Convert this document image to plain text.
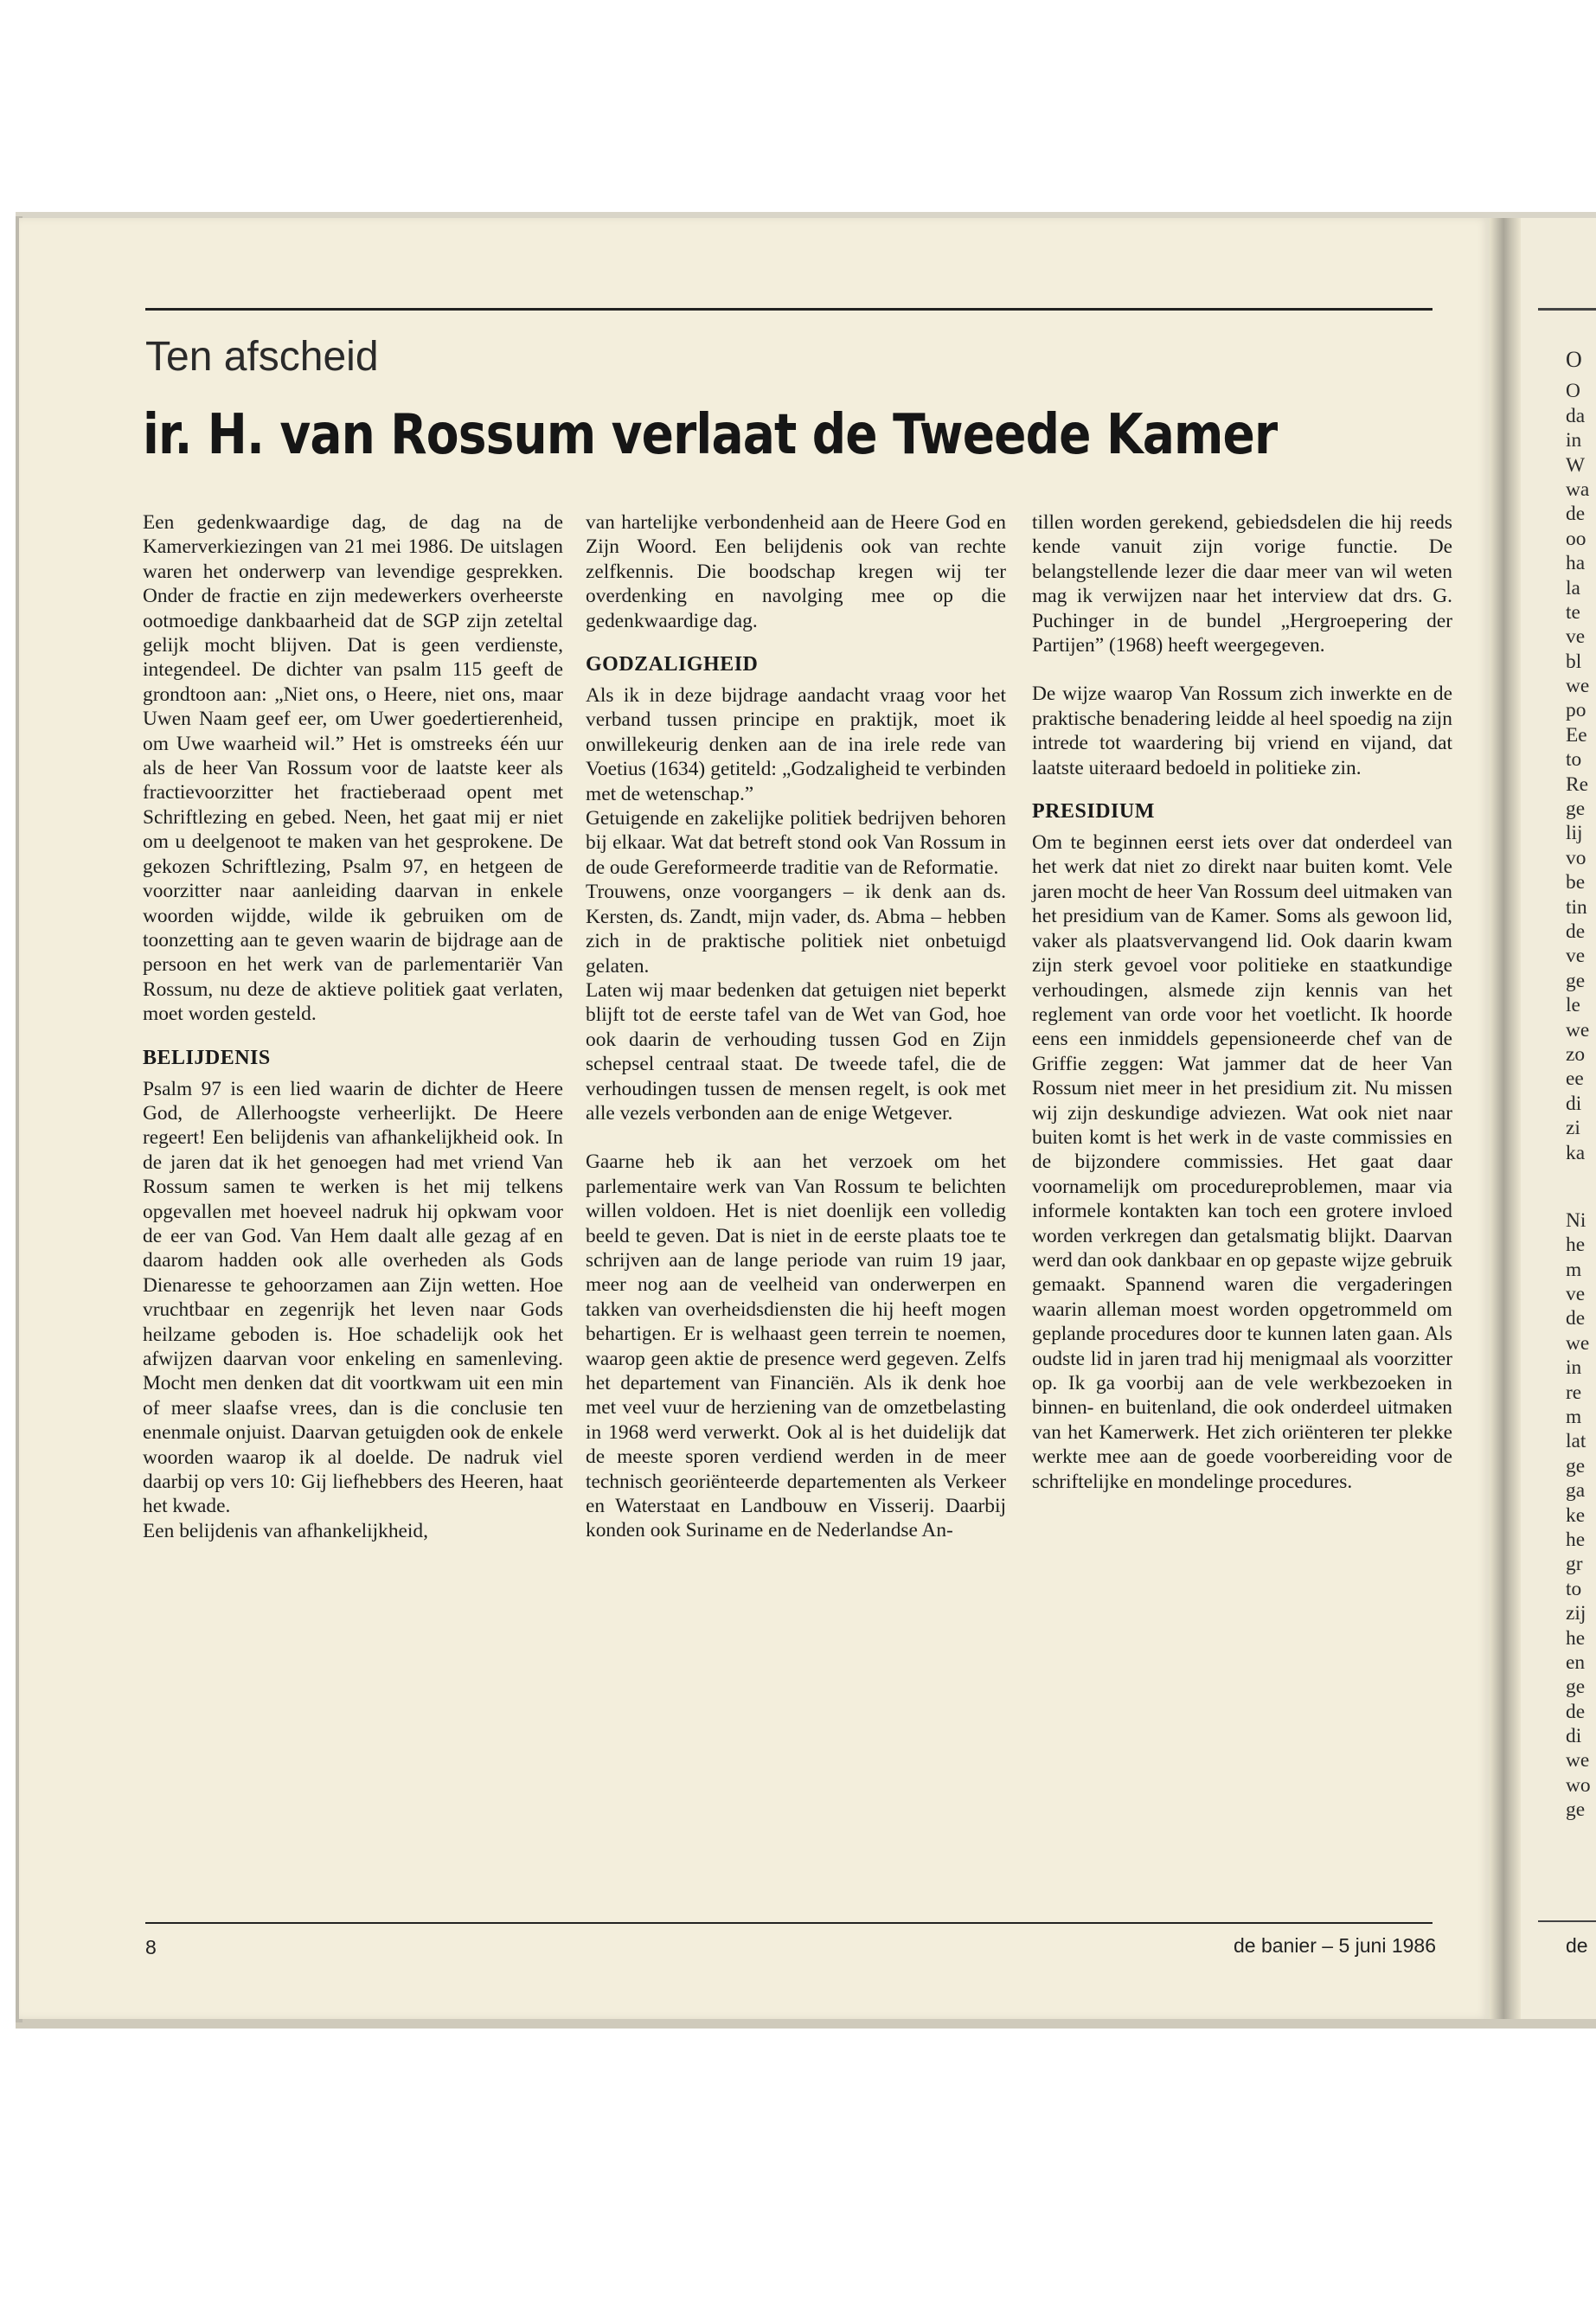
O
O
da
in
W
wa
de
oo
ha
la
te
ve
bl
we
po
Ee
to
Re
ge
lij
vo
be
tin
de
ve
ge
le
we
zo
ee
di
zi
ka
Ni
he
m
ve
de
we
in
re
m
lat
ge
ga
ke
he
gr
to
zij
he
en
ge
de
di
we
wo
ge
de
Ten afscheid
ir. H. van Rossum verlaat de Tweede Kamer

Een gedenkwaardige dag, de dag na de Kamerverkiezingen van 21 mei 1986. De uitslagen waren het onderwerp van levendige gesprekken. Onder de fractie en zijn medewerkers overheerste ootmoedige dankbaarheid dat de SGP zijn zeteltal gelijk mocht blijven. Dat is geen verdienste, integendeel. De dichter van psalm 115 geeft de grondtoon aan: „Niet ons, o Heere, niet ons, maar Uwen Naam geef eer, om Uwer goedertierenheid, om Uwe waarheid wil.” Het is omstreeks één uur als de heer Van Rossum voor de laatste keer als fractievoorzitter het fractieberaad opent met Schriftlezing en gebed. Neen, het gaat mij er niet om u deelgenoot te maken van het gesprokene. De gekozen Schriftlezing, Psalm 97, en hetgeen de voorzitter naar aanleiding daarvan in enkele woorden wijdde, wilde ik gebruiken om de toonzetting aan te geven waarin de bijdrage aan de persoon en het werk van de parlementariër Van Rossum, nu deze de aktieve politiek gaat verlaten, moet worden gesteld.

BELIJDENIS

Psalm 97 is een lied waarin de dichter de Heere God, de Allerhoogste verheerlijkt. De Heere regeert! Een belijdenis van afhankelijkheid ook. In de jaren dat ik het genoegen had met vriend Van Rossum samen te werken is het mij telkens opgevallen met hoeveel nadruk hij opkwam voor de eer van God. Van Hem daalt alle gezag af en daarom hadden ook alle overheden als Gods Dienaresse te gehoorzamen aan Zijn wetten. Hoe vruchtbaar en zegenrijk het leven naar Gods heilzame geboden is. Hoe schadelijk ook het afwijzen daarvan voor enkeling en samenleving. Mocht men denken dat dit voortkwam uit een min of meer slaafse vrees, dan is die conclusie ten enenmale onjuist. Daarvan getuigden ook de enkele woorden waarop ik al doelde. De nadruk viel daarbij op vers 10: Gij liefhebbers des Heeren, haat het kwade.

Een belijdenis van afhankelijkheid,

van hartelijke verbondenheid aan de Heere God en Zijn Woord. Een belijdenis ook van rechte zelfkennis. Die boodschap kregen wij ter overdenking en navolging mee op die gedenkwaardige dag.

GODZALIGHEID

Als ik in deze bijdrage aandacht vraag voor het verband tussen principe en praktijk, moet ik onwillekeurig denken aan de ina irele rede van Voetius (1634) getiteld: „Godzaligheid te verbinden met de wetenschap.”

Getuigende en zakelijke politiek bedrijven behoren bij elkaar. Wat dat betreft stond ook Van Rossum in de oude Gereformeerde traditie van de Reformatie.

Trouwens, onze voorgangers – ik denk aan ds. Kersten, ds. Zandt, mijn vader, ds. Abma – hebben zich in de praktische politiek niet onbetuigd gelaten.

Laten wij maar bedenken dat getuigen niet beperkt blijft tot de eerste tafel van de Wet van God, hoe ook daarin de verhouding tussen God en Zijn schepsel centraal staat. De tweede tafel, die de verhoudingen tussen de mensen regelt, is ook met alle vezels verbonden aan de enige Wetgever.

Gaarne heb ik aan het verzoek om het parlementaire werk van Van Rossum te belichten willen voldoen. Het is niet doenlijk een volledig beeld te geven. Dat is niet in de eerste plaats toe te schrijven aan de lange periode van ruim 19 jaar, meer nog aan de veelheid van onderwerpen en takken van overheidsdiensten die hij heeft mogen behartigen. Er is welhaast geen terrein te noemen, waarop geen aktie de presence werd gegeven. Zelfs het departement van Financiën. Als ik denk hoe met veel vuur de herziening van de omzetbelasting in 1968 werd verwerkt. Ook al is het duidelijk dat de meeste sporen verdiend werden in de meer technisch georiënteerde departementen als Verkeer en Waterstaat en Landbouw en Visserij. Daarbij konden ook Suriname en de Nederlandse An-

tillen worden gerekend, gebiedsdelen die hij reeds kende vanuit zijn vorige functie. De belangstellende lezer die daar meer van wil weten mag ik verwijzen naar het interview dat drs. G. Puchinger in de bundel „Hergroepering der Partijen” (1968) heeft weergegeven.

De wijze waarop Van Rossum zich inwerkte en de praktische benadering leidde al heel spoedig na zijn intrede tot waardering bij vriend en vijand, dat laatste uiteraard bedoeld in politieke zin.

PRESIDIUM

Om te beginnen eerst iets over dat onderdeel van het werk dat niet zo direkt naar buiten komt. Vele jaren mocht de heer Van Rossum deel uitmaken van het presidium van de Kamer. Soms als gewoon lid, vaker als plaatsvervangend lid. Ook daarin kwam zijn sterk gevoel voor politieke en staatkundige verhoudingen, alsmede zijn kennis van het reglement van orde voor het voetlicht. Ik hoorde eens een inmiddels gepensioneerde chef van de Griffie zeggen: Wat jammer dat de heer Van Rossum niet meer in het presidium zit. Nu missen wij zijn deskundige adviezen. Wat ook niet naar buiten komt is het werk in de vaste commissies en de bijzondere commissies. Het gaat daar voornamelijk om procedureproblemen, maar via informele kontakten kan toch een grotere invloed worden verkregen dan getalsmatig blijkt. Daarvan werd dan ook dankbaar en op gepaste wijze gebruik gemaakt. Spannend waren die vergaderingen waarin alleman moest worden opgetrommeld om geplande procedures door te kunnen laten gaan. Als oudste lid in jaren trad hij menigmaal als voorzitter op. Ik ga voorbij aan de vele werkbezoeken in binnen- en buitenland, die ook onderdeel uitmaken van het Kamerwerk. Het zich oriënteren ter plekke werkte mee aan de goede voorbereiding voor de schriftelijke en mondelinge procedures.

8	de banier – 5 juni 1986
